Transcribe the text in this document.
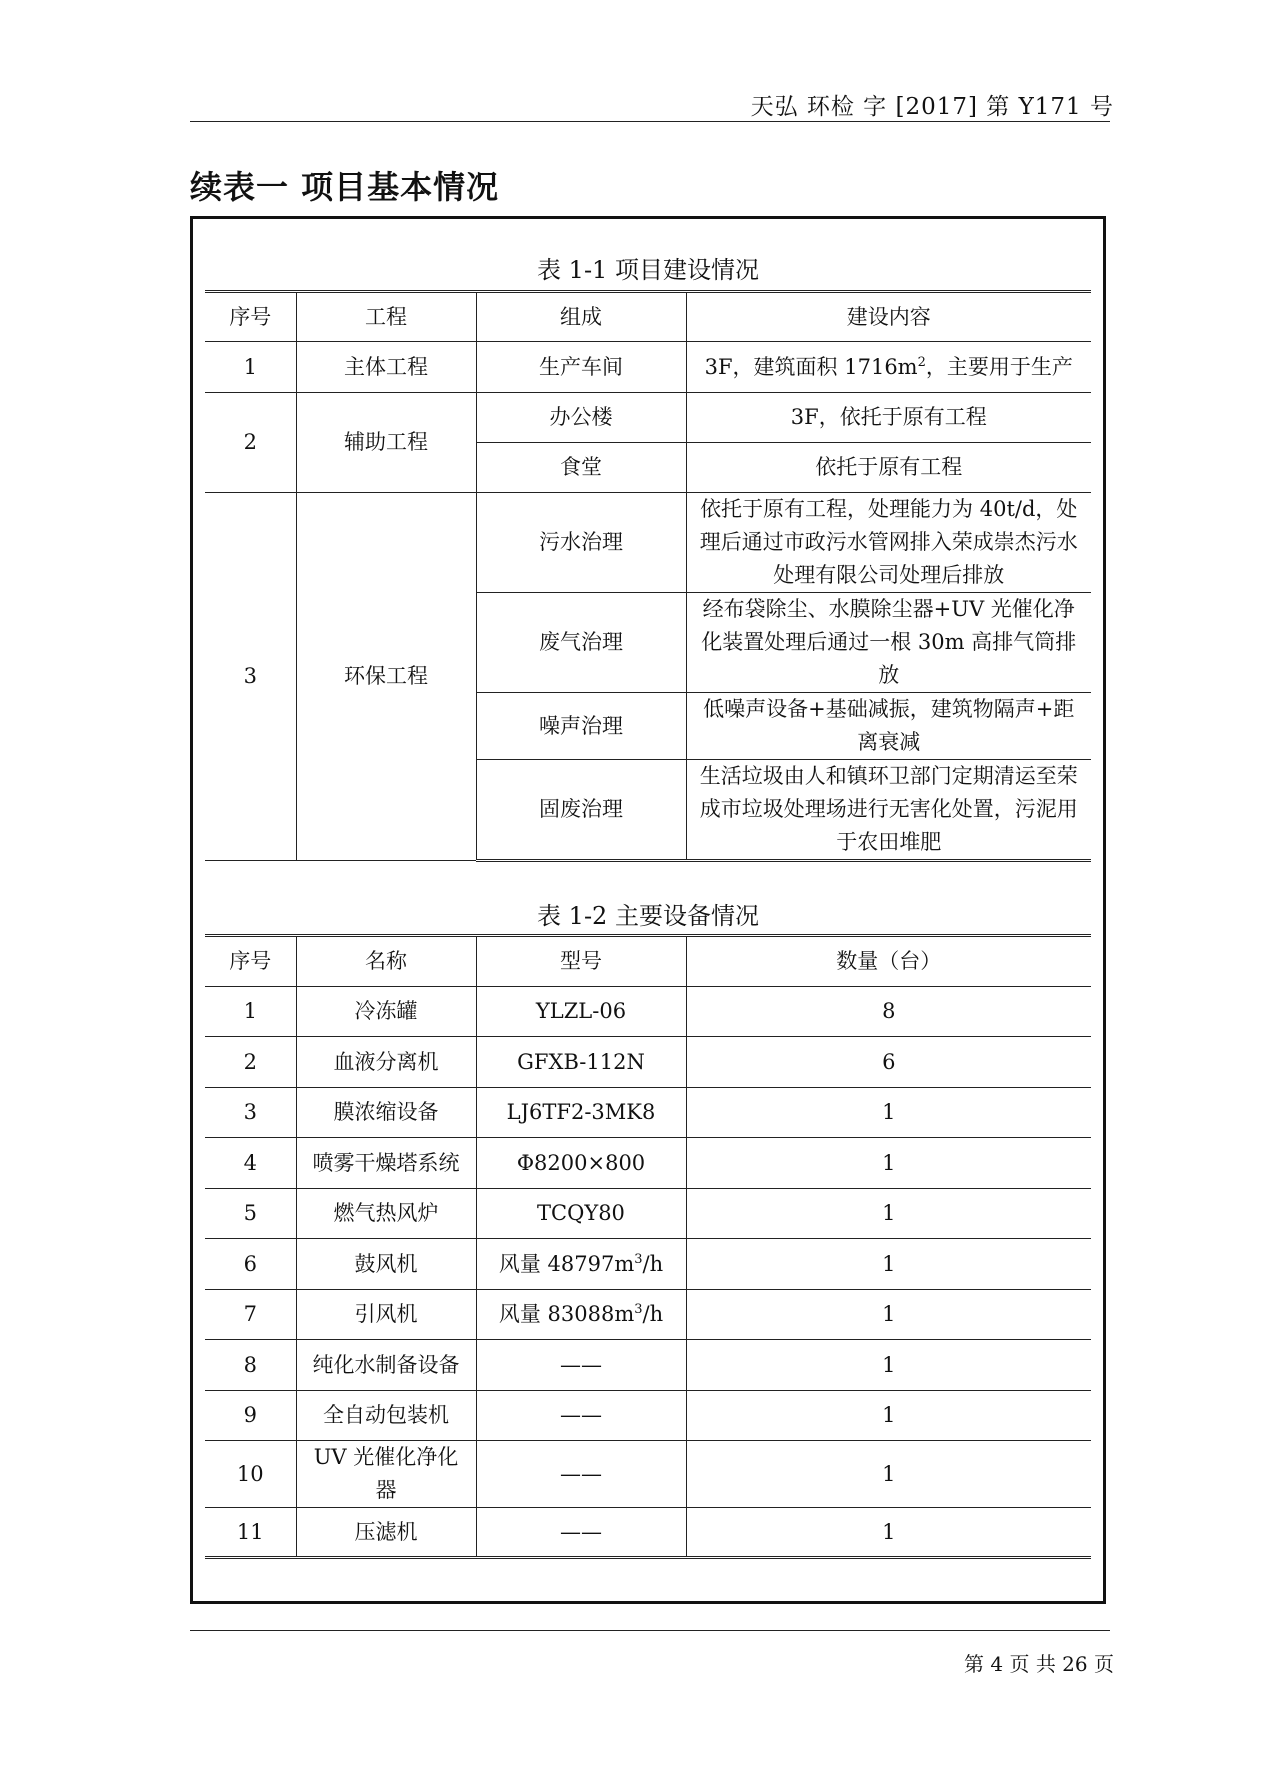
天弘 环检 字 [2017] 第 Y171 号
续表一 项目基本情况
表 1-1 项目建设情况
序号	工程	组成	建设内容
1	主体工程	生产车间	3F，建筑面积 $1716m^2$，主要用于生产
2	辅助工程	办公楼	3F，依托于原有工程
		食堂	依托于原有工程
3	环保工程	污水治理	依托于原有工程，处理能力为 40t/d，处理后通过市政污水管网排入荣成崇杰污水处理有限公司处理后排放
		废气治理	经布袋除尘、水膜除尘器+UV 光催化净化装置处理后通过一根 30m 高排气筒排放
		噪声治理	低噪声设备+基础减振，建筑物隔声+距离衰减
		固废治理	生活垃圾由人和镇环卫部门定期清运至荣成市垃圾处理场进行无害化处置，污泥用于农田堆肥
表 1-2 主要设备情况
序号	名称	型号	数量（台）
1	冷冻罐	YLZL-06	8
2	血液分离机	GFXB-112N	6
3	膜浓缩设备	LJ6TF2-3MK8	1
4	喷雾干燥塔系统	Φ8200×800	1
5	燃气热风炉	TCQY80	1
6	鼓风机	风量 $48797m^3/h$	1
7	引风机	风量 $83088m^3/h$	1
8	纯化水制备设备	——	1
9	全自动包装机	——	1
10	UV 光催化净化器	——	1
11	压滤机	——	1
第 4 页 共 26 页
